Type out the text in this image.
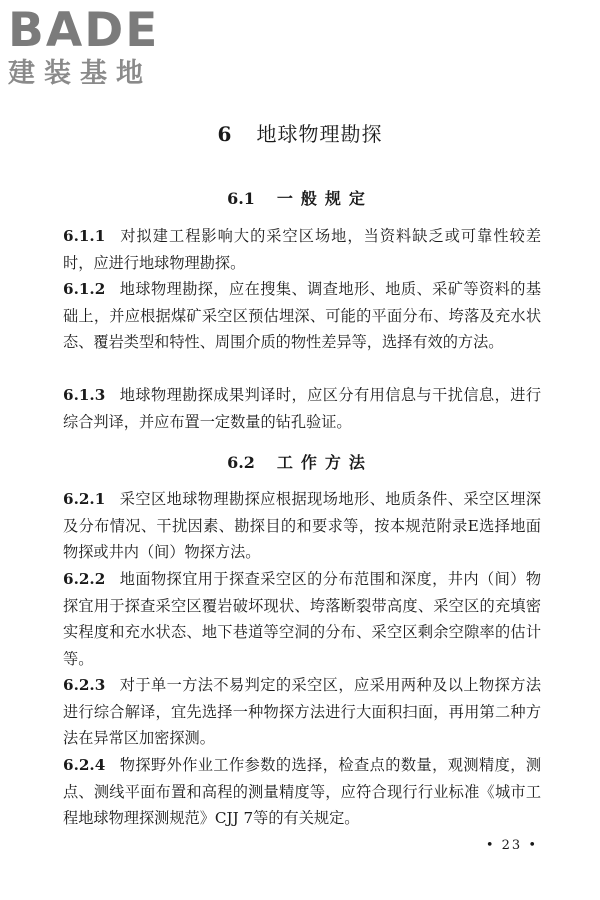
BADE
建装基地
6 地球物理勘探
6.1 一般规定
6.1.1 对拟建工程影响大的采空区场地，当资料缺乏或可靠性较差时，应进行地球物理勘探。
6.1.2 地球物理勘探，应在搜集、调查地形、地质、采矿等资料的基础上，并应根据煤矿采空区预估埋深、可能的平面分布、垮落及充水状态、覆岩类型和特性、周围介质的物性差异等，选择有效的方法。
6.1.3 地球物理勘探成果判译时，应区分有用信息与干扰信息，进行综合判译，并应布置一定数量的钻孔验证。
6.2 工作方法
6.2.1 采空区地球物理勘探应根据现场地形、地质条件、采空区埋深及分布情况、干扰因素、勘探目的和要求等，按本规范附录E选择地面物探或井内（间）物探方法。
6.2.2 地面物探宜用于探查采空区的分布范围和深度，井内（间）物探宜用于探查采空区覆岩破坏现状、垮落断裂带高度、采空区的充填密实程度和充水状态、地下巷道等空洞的分布、采空区剩余空隙率的估计等。
6.2.3 对于单一方法不易判定的采空区，应采用两种及以上物探方法进行综合解译，宜先选择一种物探方法进行大面积扫面，再用第二种方法在异常区加密探测。
6.2.4 物探野外作业工作参数的选择，检查点的数量，观测精度，测点、测线平面布置和高程的测量精度等，应符合现行行业标准《城市工程地球物理探测规范》CJJ 7等的有关规定。
• 23 •
